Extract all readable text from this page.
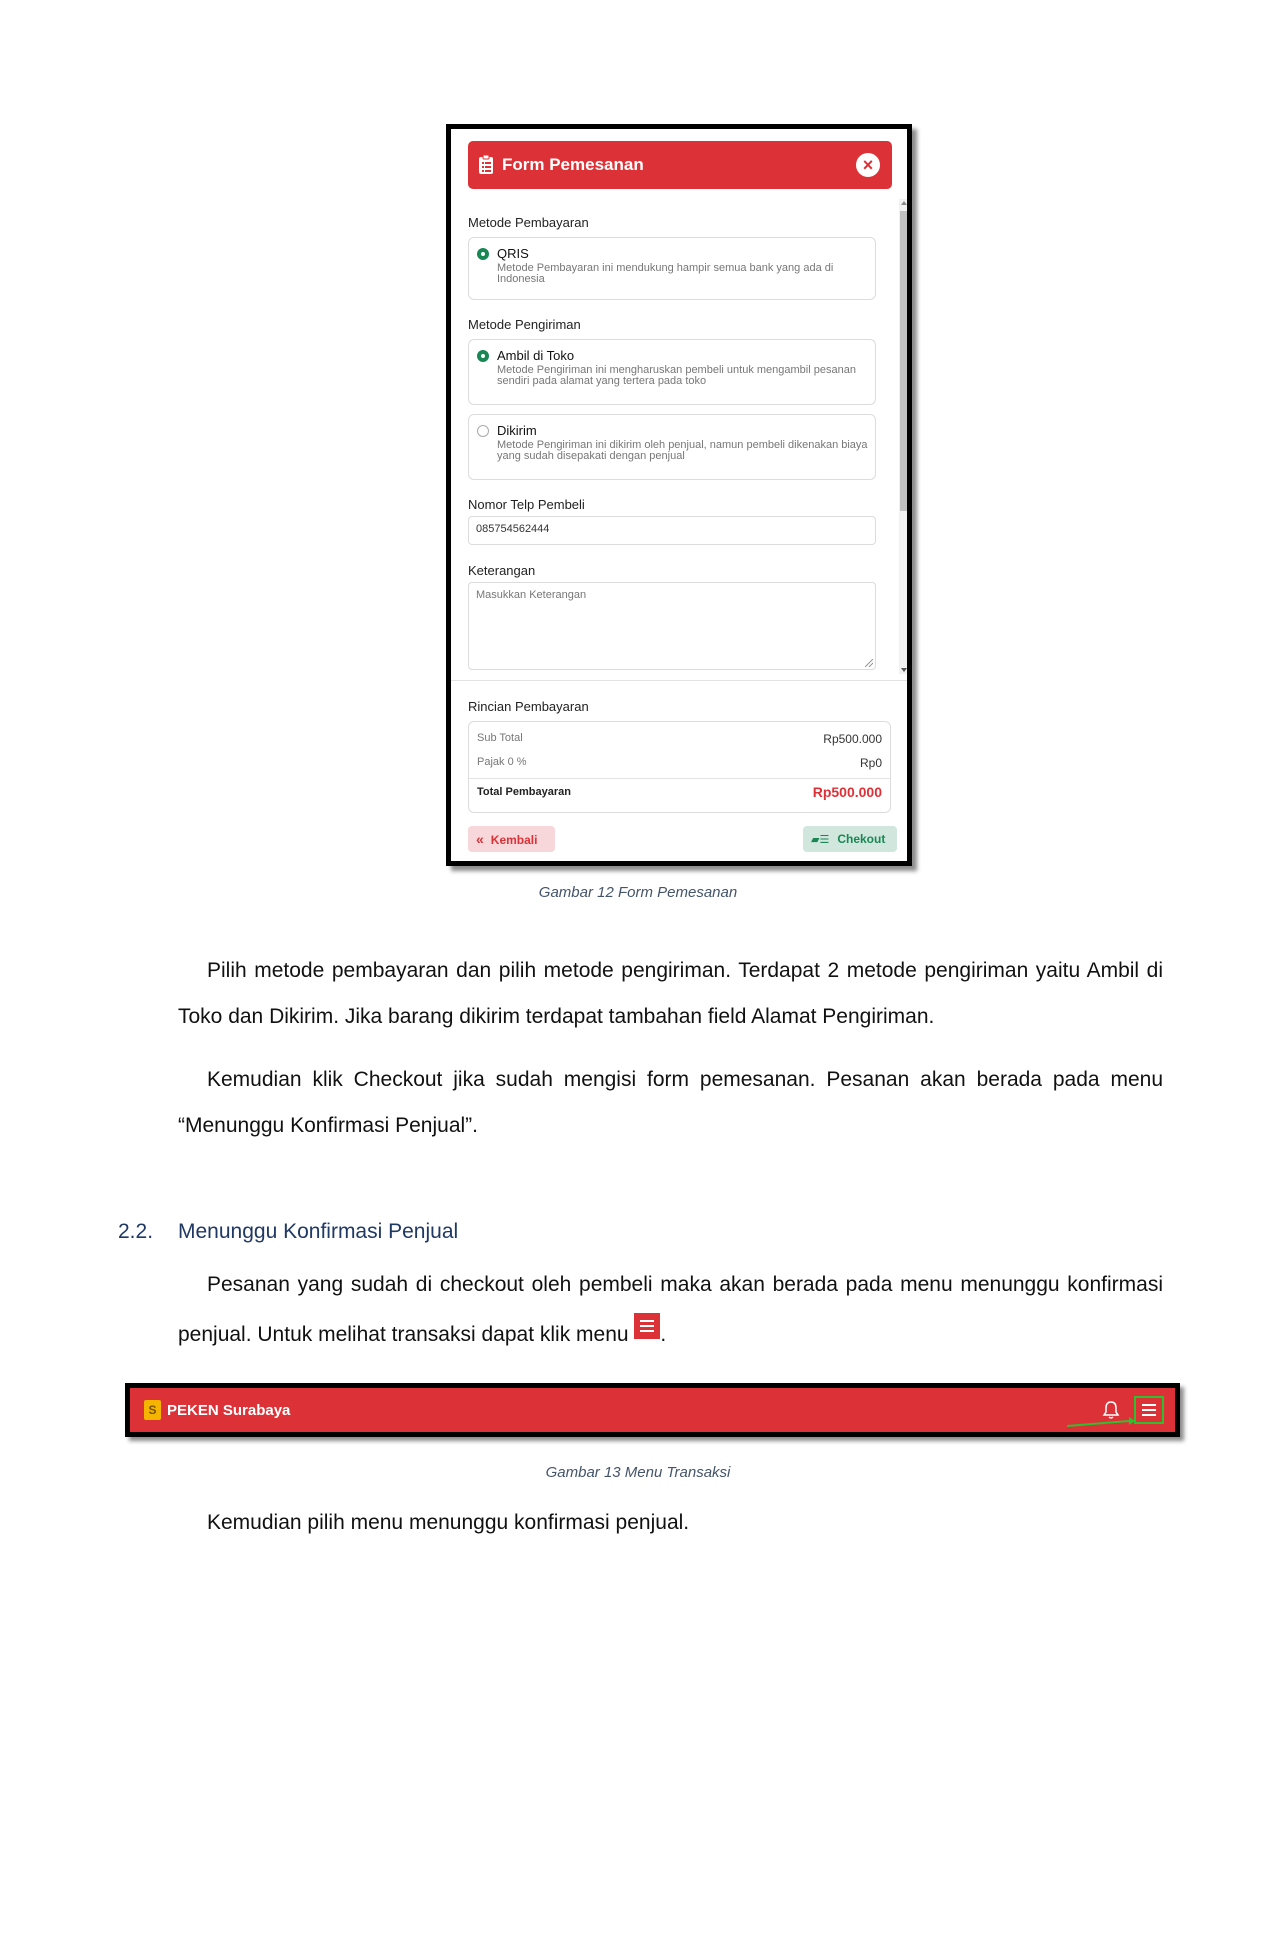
Form Pemesanan	×
Metode Pembayaran
QRIS
Metode Pembayaran ini mendukung hampir semua bank yang ada di Indonesia
Metode Pengiriman
Ambil di Toko
Metode Pengiriman ini mengharuskan pembeli untuk mengambil pesanan sendiri pada alamat yang tertera pada toko
Dikirim
Metode Pengiriman ini dikirim oleh penjual, namun pembeli dikenakan biaya yang sudah disepakati dengan penjual
Nomor Telp Pembeli
085754562444
Keterangan
Masukkan Keterangan
Rincian Pembayaran
Sub Total	Rp500.000
Pajak 0 %	Rp0
Total Pembayaran	Rp500.000
« Kembali	▰☰ Chekout
Gambar 12 Form Pemesanan
Pilih metode pembayaran dan pilih metode pengiriman. Terdapat 2 metode pengiriman yaitu Ambil di Toko dan Dikirim. Jika barang dikirim terdapat tambahan field Alamat Pengiriman.
Kemudian klik Checkout jika sudah mengisi form pemesanan. Pesanan akan berada pada menu “Menunggu Konfirmasi Penjual”.
2.2. Menunggu Konfirmasi Penjual
Pesanan yang sudah di checkout oleh pembeli maka akan berada pada menu menunggu konfirmasi penjual. Untuk melihat transaksi dapat klik menu .
S PEKEN Surabaya
Gambar 13 Menu Transaksi
Kemudian pilih menu menunggu konfirmasi penjual.
